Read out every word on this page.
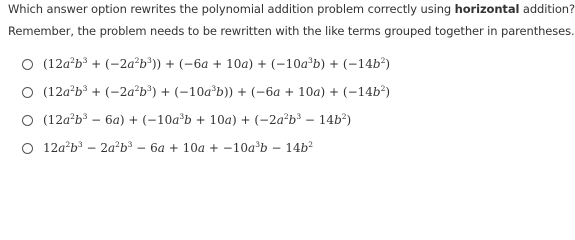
Which answer option rewrites the polynomial addition problem correctly using horizontal addition?
Remember, the problem needs to be rewritten with the like terms grouped together in parentheses.
$(12a^2b^3 + (-2a^2b^3)) + (-6a + 10a) + (-10a^3b) + (-14b^2)$
$(12a^2b^3 + (-2a^2b^3) + (-10a^3b)) + (-6a + 10a) + (-14b^2)$
$(12a^2b^3 - 6a) + (-10a^3b + 10a) + (-2a^2b^3 - 14b^2)$
$12a^2b^3 - 2a^2b^3 - 6a + 10a + -10a^3b - 14b^2$
